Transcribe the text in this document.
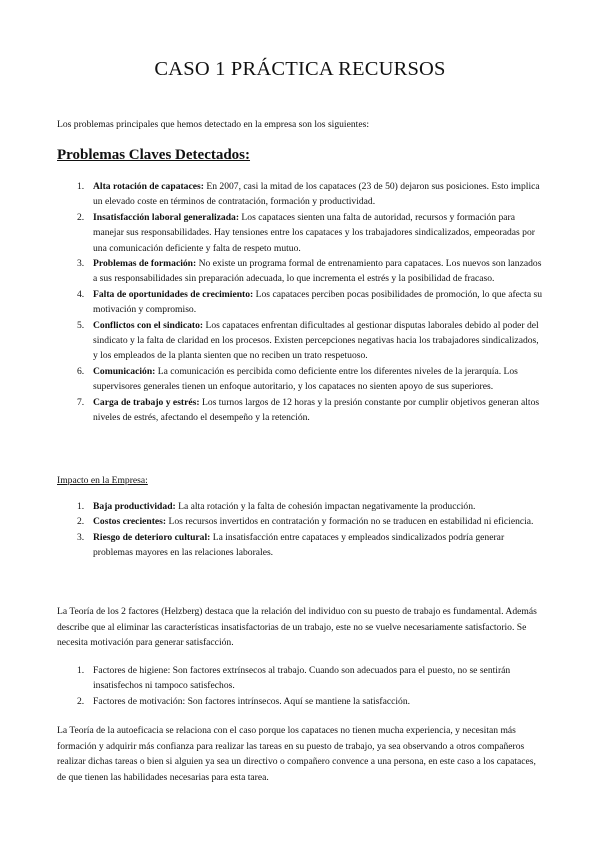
CASO 1 PRÁCTICA RECURSOS

Los problemas principales que hemos detectado en la empresa son los siguientes:

Problemas Claves Detectados:
1. Alta rotación de capataces: En 2007, casi la mitad de los capataces (23 de 50) dejaron sus posiciones. Esto implica un elevado coste en términos de contratación, formación y productividad.
2. Insatisfacción laboral generalizada: Los capataces sienten una falta de autoridad, recursos y formación para manejar sus responsabilidades. Hay tensiones entre los capataces y los trabajadores sindicalizados, empeoradas por una comunicación deficiente y falta de respeto mutuo.
3. Problemas de formación: No existe un programa formal de entrenamiento para capataces. Los nuevos son lanzados a sus responsabilidades sin preparación adecuada, lo que incrementa el estrés y la posibilidad de fracaso.
4. Falta de oportunidades de crecimiento: Los capataces perciben pocas posibilidades de promoción, lo que afecta su motivación y compromiso.
5. Conflictos con el sindicato: Los capataces enfrentan dificultades al gestionar disputas laborales debido al poder del sindicato y la falta de claridad en los procesos. Existen percepciones negativas hacia los trabajadores sindicalizados, y los empleados de la planta sienten que no reciben un trato respetuoso.
6. Comunicación: La comunicación es percibida como deficiente entre los diferentes niveles de la jerarquía. Los supervisores generales tienen un enfoque autoritario, y los capataces no sienten apoyo de sus superiores.
7. Carga de trabajo y estrés: Los turnos largos de 12 horas y la presión constante por cumplir objetivos generan altos niveles de estrés, afectando el desempeño y la retención.
Impacto en la Empresa:
1. Baja productividad: La alta rotación y la falta de cohesión impactan negativamente la producción.
2. Costos crecientes: Los recursos invertidos en contratación y formación no se traducen en estabilidad ni eficiencia.
3. Riesgo de deterioro cultural: La insatisfacción entre capataces y empleados sindicalizados podría generar problemas mayores en las relaciones laborales.

La Teoría de los 2 factores (Helzberg) destaca que la relación del individuo con su puesto de trabajo es fundamental. Además describe que al eliminar las características insatisfactorias de un trabajo, este no se vuelve necesariamente satisfactorio. Se necesita motivación para generar satisfacción.

1. Factores de higiene: Son factores extrínsecos al trabajo. Cuando son adecuados para el puesto, no se sentirán insatisfechos ni tampoco satisfechos.
2. Factores de motivación: Son factores intrínsecos. Aquí se mantiene la satisfacción.

La Teoría de la autoeficacia se relaciona con el caso porque los capataces no tienen mucha experiencia, y necesitan más formación y adquirir más confianza para realizar las tareas en su puesto de trabajo, ya sea observando a otros compañeros realizar dichas tareas o bien si alguien ya sea un directivo o compañero convence a una persona, en este caso a los capataces, de que tienen las habilidades necesarias para esta tarea.
